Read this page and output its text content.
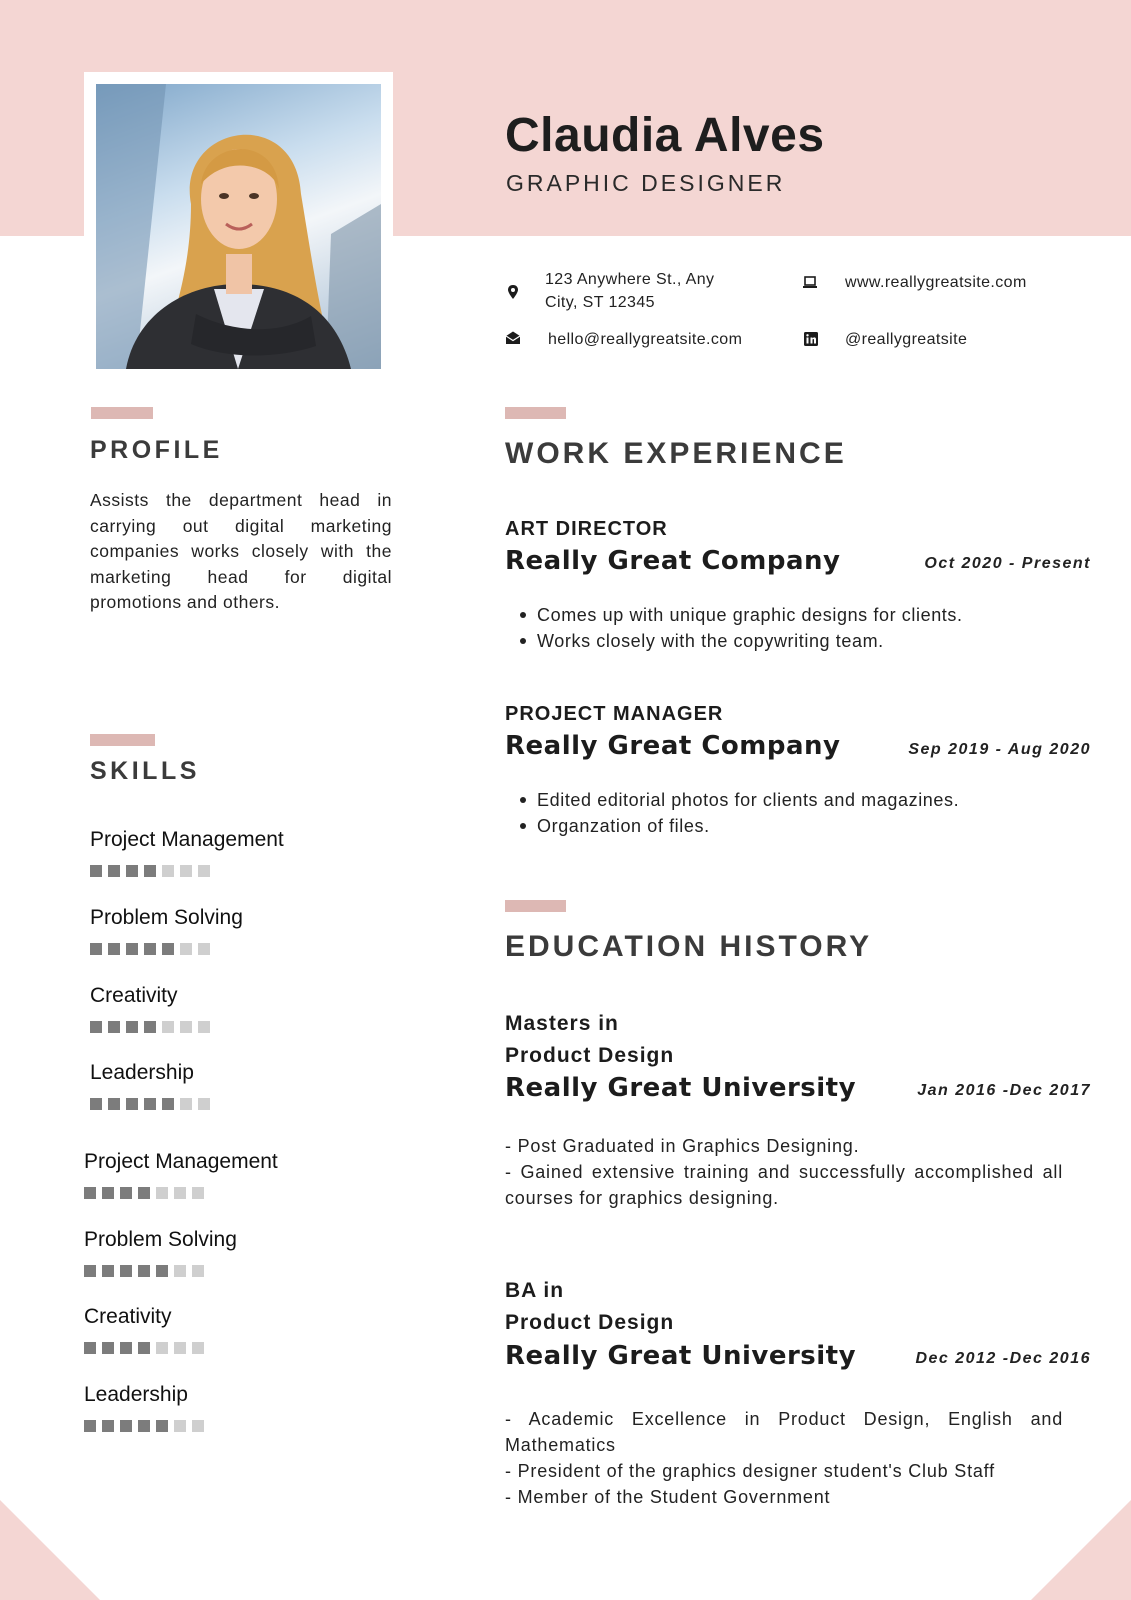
Claudia Alves
GRAPHIC DESIGNER
123 Anywhere St., Any
City, ST 12345
www.reallygreatsite.com
hello@reallygreatsite.com	@reallygreatsite
PROFILE
Assists the department head in carrying out digital marketing companies works closely with the marketing head for digital promotions and others.
SKILLS
Project Management
Problem Solving
Creativity
Leadership
Project Management
Problem Solving
Creativity
Leadership
WORK EXPERIENCE
ART DIRECTOR
Really Great Company	Oct 2020 - Present
Comes up with unique graphic designs for clients.
Works closely with the copywriting team.
PROJECT MANAGER
Really Great Company	Sep 2019 - Aug 2020
Edited editorial photos for clients and magazines.
Organzation of files.
EDUCATION HISTORY
Masters in
Product Design
Really Great University	Jan 2016 -Dec 2017
- Post Graduated in Graphics Designing.
- Gained extensive training and successfully accomplished all courses for graphics designing.
BA in
Product Design
Really Great University	Dec 2012 -Dec 2016
- Academic Excellence in Product Design, English and Mathematics
- President of the graphics designer student's Club Staff
- Member of the Student Government
